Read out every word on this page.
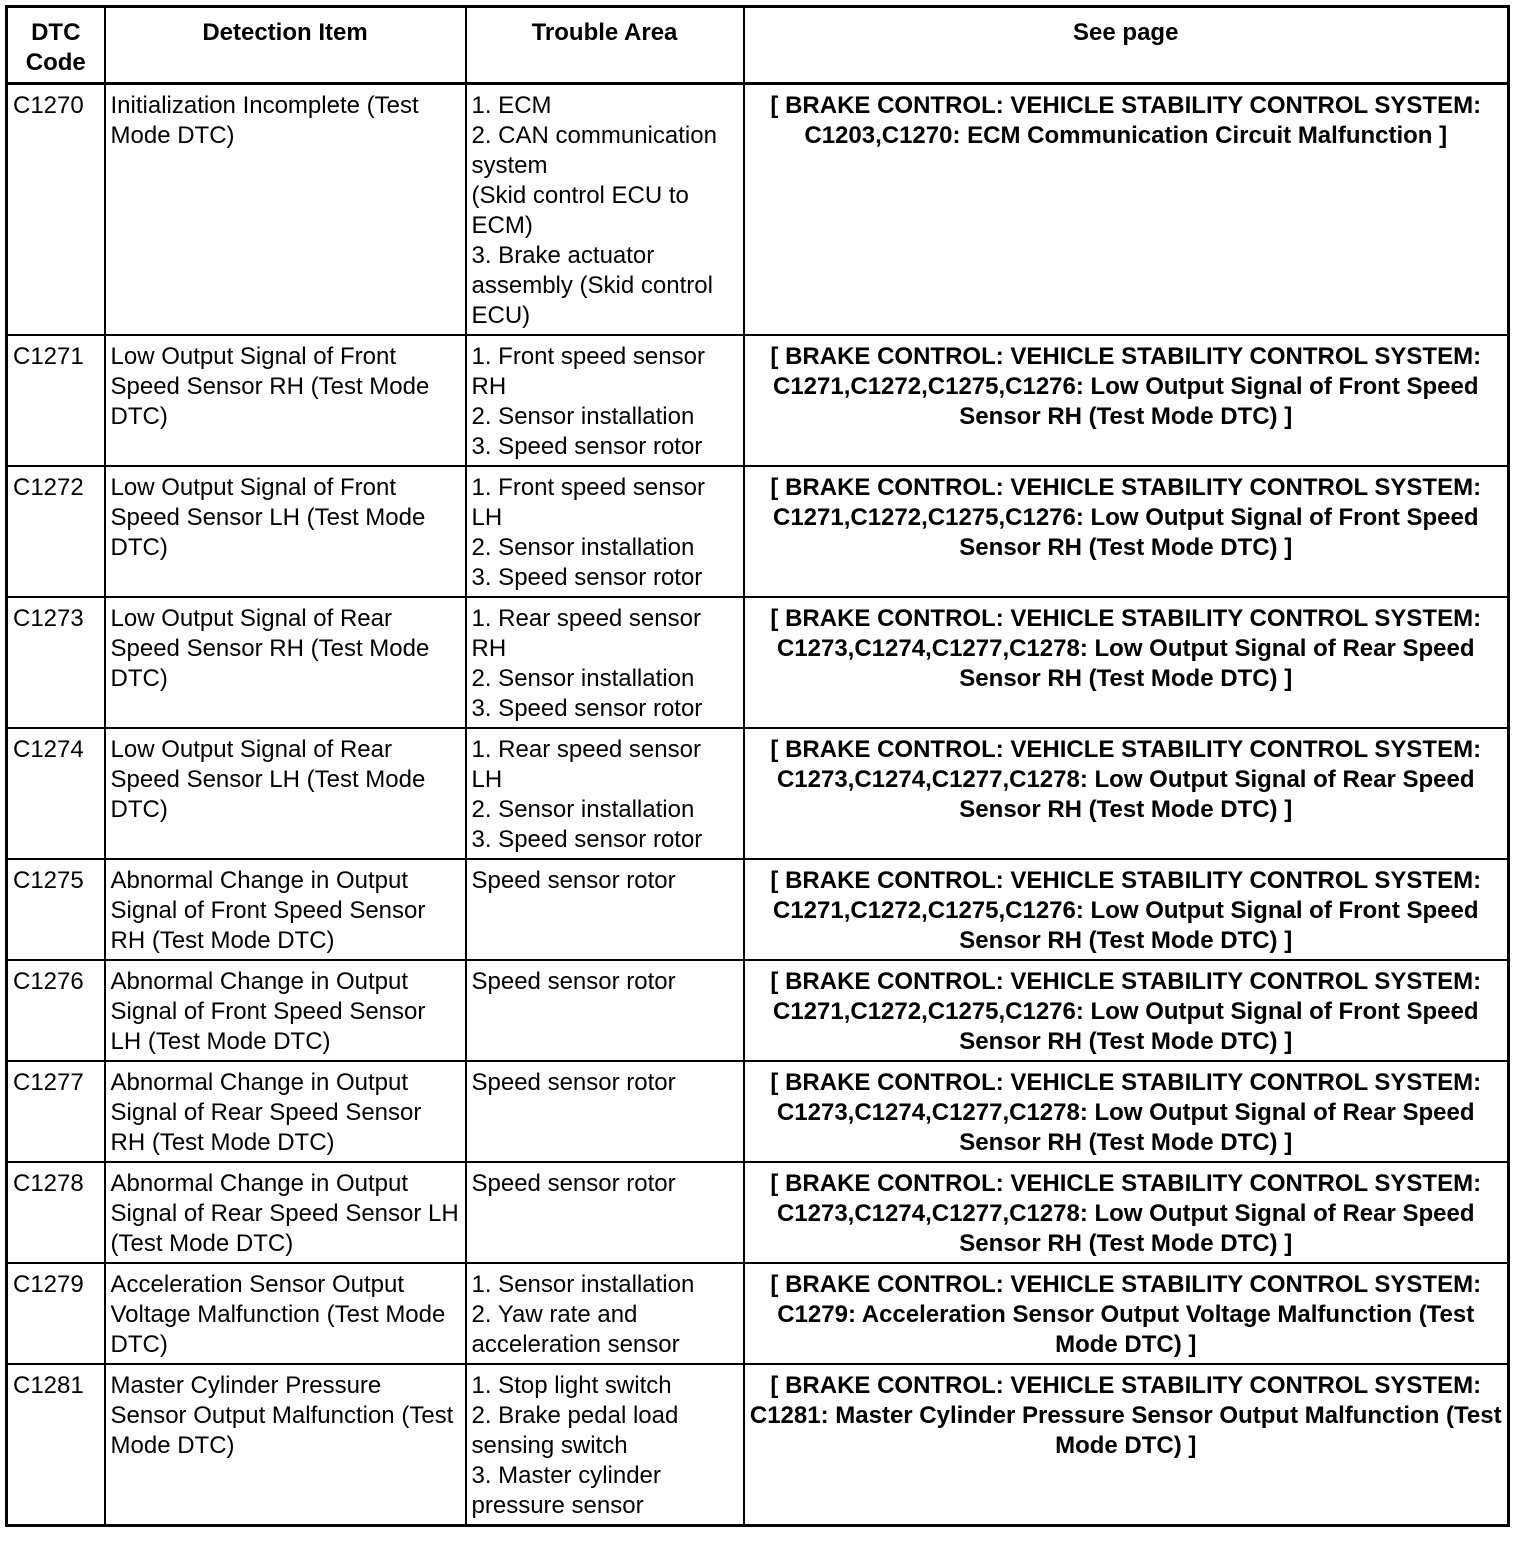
DTC
Code	Detection Item	Trouble Area	See page
C1270	Initialization Incomplete (Test Mode DTC)	1. ECM
2. CAN communication system
(Skid control ECU to ECM)
3. Brake actuator assembly (Skid control ECU)	[ BRAKE CONTROL: VEHICLE STABILITY CONTROL SYSTEM: C1203,C1270: ECM Communication Circuit Malfunction ]
C1271	Low Output Signal of Front Speed Sensor RH (Test Mode DTC)	1. Front speed sensor RH
2. Sensor installation
3. Speed sensor rotor	[ BRAKE CONTROL: VEHICLE STABILITY CONTROL SYSTEM: C1271,C1272,C1275,C1276: Low Output Signal of Front Speed Sensor RH (Test Mode DTC) ]
C1272	Low Output Signal of Front Speed Sensor LH (Test Mode DTC)	1. Front speed sensor LH
2. Sensor installation
3. Speed sensor rotor	[ BRAKE CONTROL: VEHICLE STABILITY CONTROL SYSTEM: C1271,C1272,C1275,C1276: Low Output Signal of Front Speed Sensor RH (Test Mode DTC) ]
C1273	Low Output Signal of Rear Speed Sensor RH (Test Mode DTC)	1. Rear speed sensor RH
2. Sensor installation
3. Speed sensor rotor	[ BRAKE CONTROL: VEHICLE STABILITY CONTROL SYSTEM: C1273,C1274,C1277,C1278: Low Output Signal of Rear Speed Sensor RH (Test Mode DTC) ]
C1274	Low Output Signal of Rear Speed Sensor LH (Test Mode DTC)	1. Rear speed sensor LH
2. Sensor installation
3. Speed sensor rotor	[ BRAKE CONTROL: VEHICLE STABILITY CONTROL SYSTEM: C1273,C1274,C1277,C1278: Low Output Signal of Rear Speed Sensor RH (Test Mode DTC) ]
C1275	Abnormal Change in Output Signal of Front Speed Sensor RH (Test Mode DTC)	Speed sensor rotor	[ BRAKE CONTROL: VEHICLE STABILITY CONTROL SYSTEM: C1271,C1272,C1275,C1276: Low Output Signal of Front Speed Sensor RH (Test Mode DTC) ]
C1276	Abnormal Change in Output Signal of Front Speed Sensor LH (Test Mode DTC)	Speed sensor rotor	[ BRAKE CONTROL: VEHICLE STABILITY CONTROL SYSTEM: C1271,C1272,C1275,C1276: Low Output Signal of Front Speed Sensor RH (Test Mode DTC) ]
C1277	Abnormal Change in Output Signal of Rear Speed Sensor RH (Test Mode DTC)	Speed sensor rotor	[ BRAKE CONTROL: VEHICLE STABILITY CONTROL SYSTEM: C1273,C1274,C1277,C1278: Low Output Signal of Rear Speed Sensor RH (Test Mode DTC) ]
C1278	Abnormal Change in Output Signal of Rear Speed Sensor LH (Test Mode DTC)	Speed sensor rotor	[ BRAKE CONTROL: VEHICLE STABILITY CONTROL SYSTEM: C1273,C1274,C1277,C1278: Low Output Signal of Rear Speed Sensor RH (Test Mode DTC) ]
C1279	Acceleration Sensor Output Voltage Malfunction (Test Mode DTC)	1. Sensor installation
2. Yaw rate and acceleration sensor	[ BRAKE CONTROL: VEHICLE STABILITY CONTROL SYSTEM: C1279: Acceleration Sensor Output Voltage Malfunction (Test Mode DTC) ]
C1281	Master Cylinder Pressure Sensor Output Malfunction (Test Mode DTC)	1. Stop light switch
2. Brake pedal load sensing switch
3. Master cylinder pressure sensor	[ BRAKE CONTROL: VEHICLE STABILITY CONTROL SYSTEM: C1281: Master Cylinder Pressure Sensor Output Malfunction (Test Mode DTC) ]
